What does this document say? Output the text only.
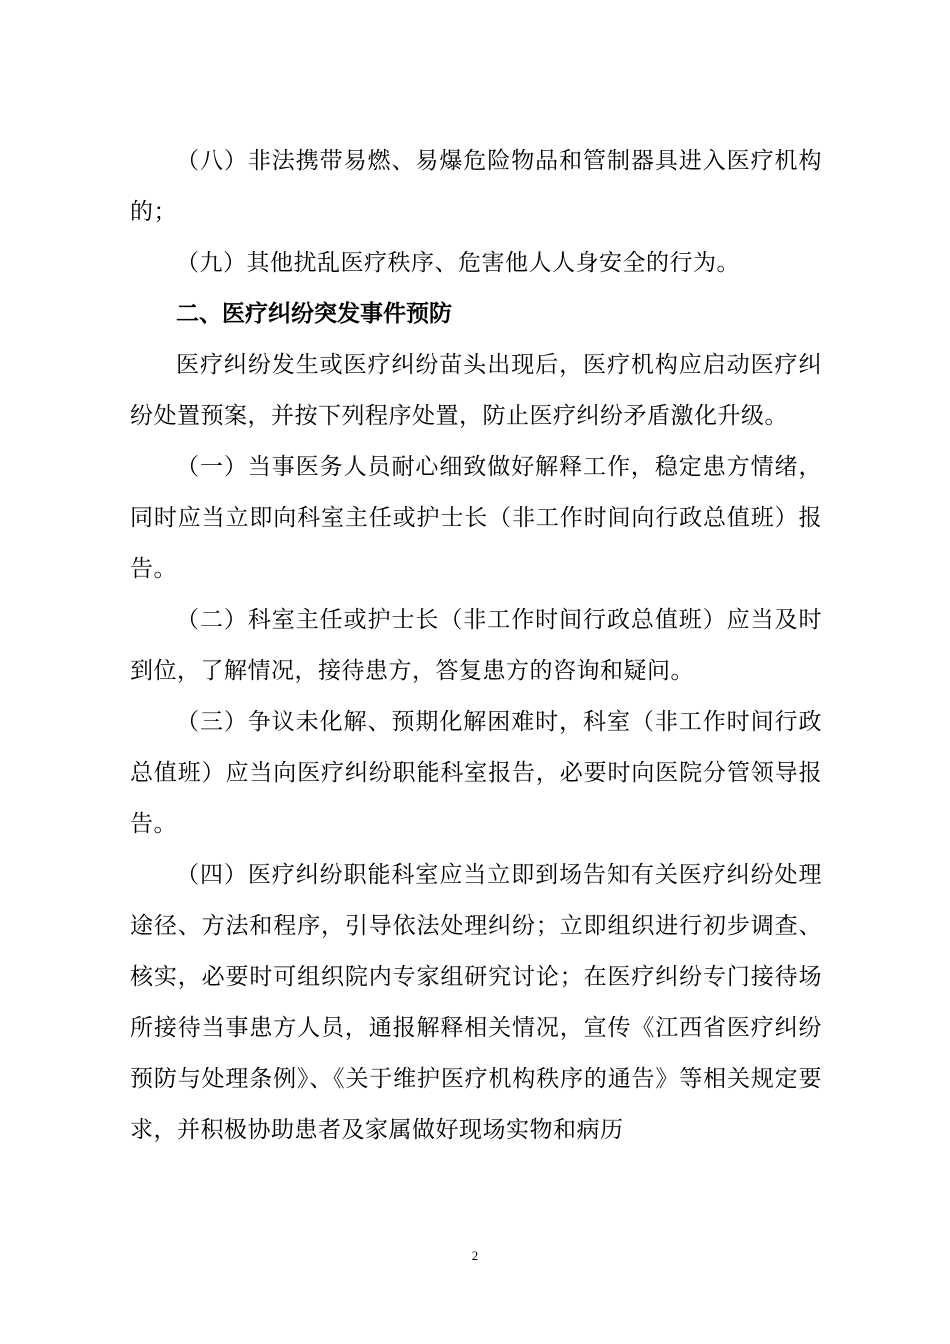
（八）非法携带易燃、易爆危险物品和管制器具进入医疗机构的；

（九）其他扰乱医疗秩序、危害他人人身安全的行为。

二、医疗纠纷突发事件预防

医疗纠纷发生或医疗纠纷苗头出现后，医疗机构应启动医疗纠纷处置预案，并按下列程序处置，防止医疗纠纷矛盾激化升级。

（一）当事医务人员耐心细致做好解释工作，稳定患方情绪，同时应当立即向科室主任或护士长（非工作时间向行政总值班）报告。

（二）科室主任或护士长（非工作时间行政总值班）应当及时到位，了解情况，接待患方，答复患方的咨询和疑问。

（三）争议未化解、预期化解困难时，科室（非工作时间行政总值班）应当向医疗纠纷职能科室报告，必要时向医院分管领导报告。

（四）医疗纠纷职能科室应当立即到场告知有关医疗纠纷处理途径、方法和程序，引导依法处理纠纷；立即组织进行初步调查、核实，必要时可组织院内专家组研究讨论；在医疗纠纷专门接待场所接待当事患方人员，通报解释相关情况，宣传《江西省医疗纠纷预防与处理条例》、《关于维护医疗机构秩序的通告》等相关规定要求，并积极协助患者及家属做好现场实物和病历

2
